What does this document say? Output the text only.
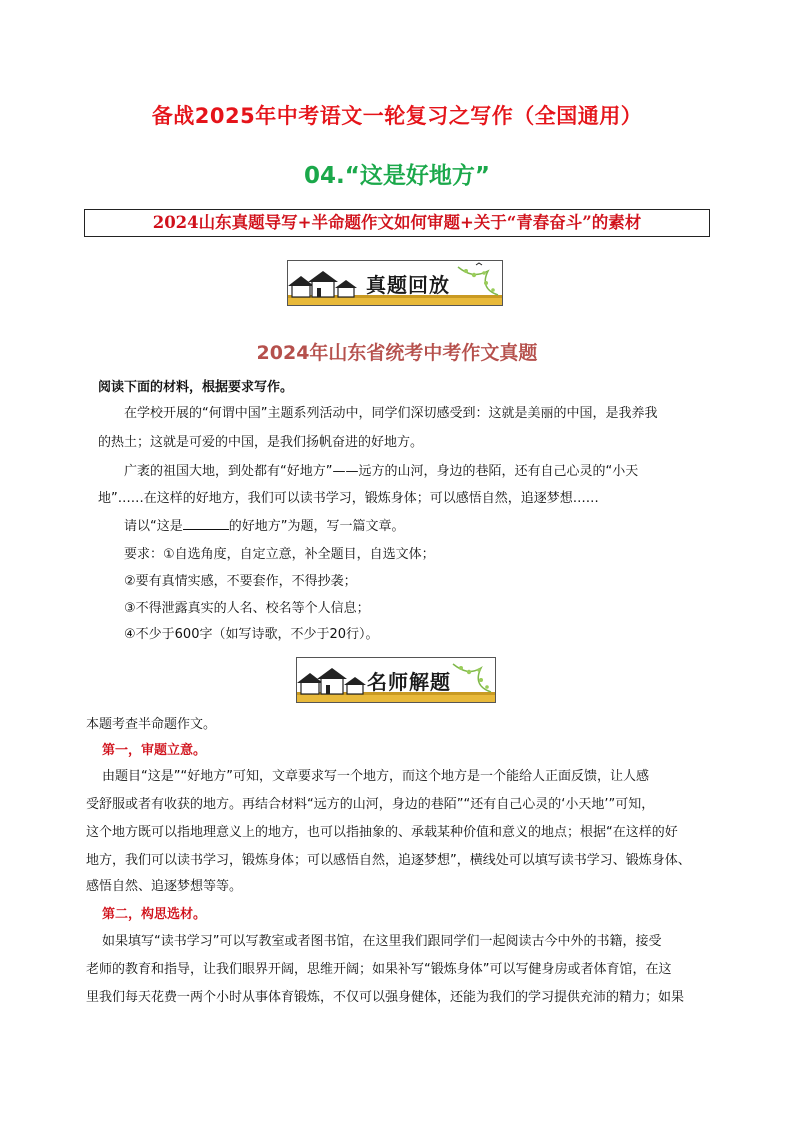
备战2025年中考语文一轮复习之写作（全国通用）
04.“这是好地方”
2024山东真题导写+半命题作文如何审题+关于“青春奋斗”的素材
真题回放
2024年山东省统考中考作文真题
阅读下面的材料，根据要求写作。
在学校开展的“何谓中国”主题系列活动中，同学们深切感受到：这就是美丽的中国，是我养我
的热土；这就是可爱的中国，是我们扬帆奋进的好地方。
广袤的祖国大地，到处都有“好地方”——远方的山河，身边的巷陌，还有自己心灵的“小天
地”……在这样的好地方，我们可以读书学习，锻炼身体；可以感悟自然，追逐梦想……
请以“这是	的好地方”为题，写一篇文章。
要求：①自选角度，自定立意，补全题目，自选文体；
②要有真情实感，不要套作，不得抄袭；
③不得泄露真实的人名、校名等个人信息；
④不少于600字（如写诗歌，不少于20行）。
名师解题
本题考查半命题作文。
第一，审题立意。
由题目“这是”“好地方”可知，文章要求写一个地方，而这个地方是一个能给人正面反馈，让人感
受舒服或者有收获的地方。再结合材料“远方的山河，身边的巷陌”“还有自己心灵的‘小天地’”可知，
这个地方既可以指地理意义上的地方，也可以指抽象的、承载某种价值和意义的地点；根据“在这样的好
地方，我们可以读书学习，锻炼身体；可以感悟自然，追逐梦想”，横线处可以填写读书学习、锻炼身体、
感悟自然、追逐梦想等等。
第二，构思选材。
如果填写“读书学习”可以写教室或者图书馆，在这里我们跟同学们一起阅读古今中外的书籍，接受
老师的教育和指导，让我们眼界开阔，思维开阔；如果补写“锻炼身体”可以写健身房或者体育馆，在这
里我们每天花费一两个小时从事体育锻炼，不仅可以强身健体，还能为我们的学习提供充沛的精力；如果
